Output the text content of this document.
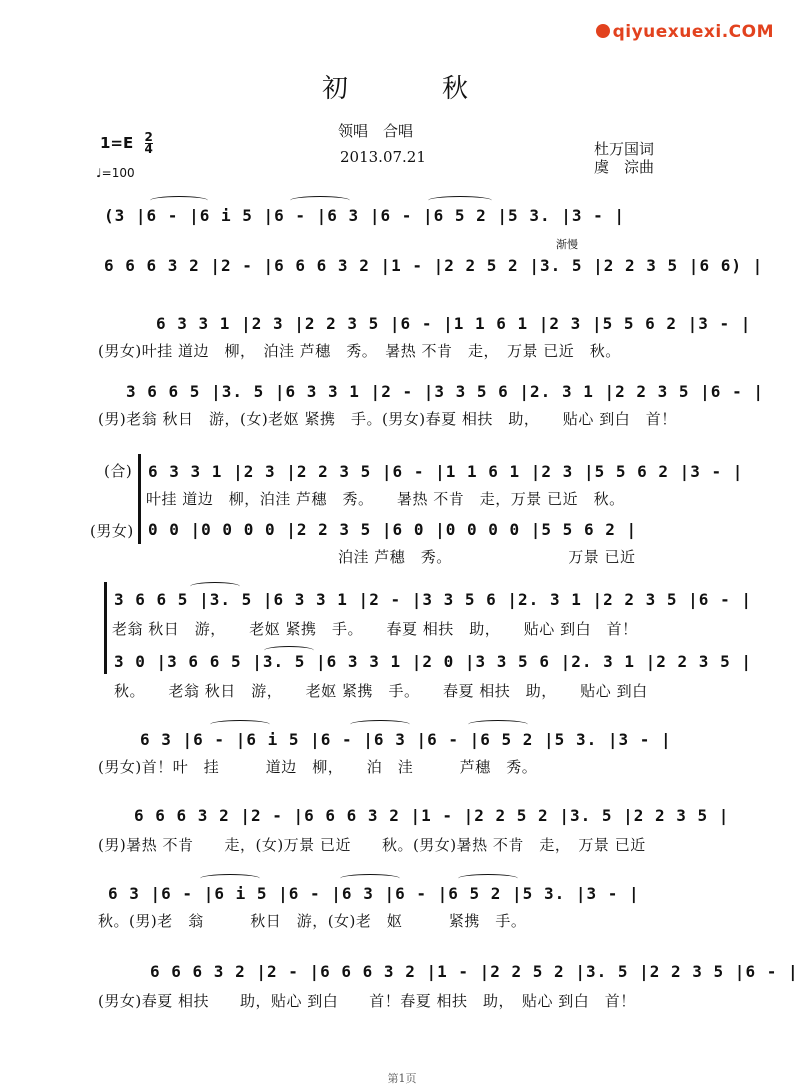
qiyuexuexi.COM
初　　秋
领唱　合唱
2013.07.21
$1=E \frac{2}{4}$
♩=100
杜万国词
虞　淙曲
(3 |6 - |6 i 5 |6 - |6 3 |6 - |6 5 2 |5 3. |3 - |
渐慢
6 6 6 3 2 |2 - |6 6 6 3 2 |1 - |2 2 5 2 |3. 5 |2 2 3 5 |6 6) |
6 3 3 1 |2 3 |2 2 3 5 |6 - |1 1 6 1 |2 3 |5 5 6 2 |3 - |
(男女)叶挂 道边　柳，　泊洼 芦穗　秀。　暑热 不肯　走，　万景 已近　秋。
3 6 6 5 |3. 5 |6 3 3 1 |2 - |3 3 5 6 |2. 3 1 |2 2 3 5 |6 - |
(男)老翁 秋日　游，(女)老妪 紧携　手。(男女)春夏 相扶　助，　　贴心 到白　首！
(合) 6 3 3 1 |2 3 |2 2 3 5 |6 - |1 1 6 1 |2 3 |5 5 6 2 |3 - |
叶挂 道边　柳，泊洼 芦穗　秀。　　暑热 不肯　走，万景 已近　秋。
(男女) 0 0 |0 0 0 0 |2 2 3 5 |6 0 |0 0 0 0 |5 5 6 2 |
泊洼 芦穗　秀。　　　　　　　　万景 已近
3 6 6 5 |3. 5 |6 3 3 1 |2 - |3 3 5 6 |2. 3 1 |2 2 3 5 |6 - |
老翁 秋日　游，　　老妪 紧携　手。　　春夏 相扶　助，　　贴心 到白　首！
3 0 |3 6 6 5 |3. 5 |6 3 3 1 |2 0 |3 3 5 6 |2. 3 1 |2 2 3 5 |
秋。　　老翁 秋日　游，　　老妪 紧携　手。　　春夏 相扶　助，　　贴心 到白
6 3 |6 - |6 i 5 |6 - |6 3 |6 - |6 5 2 |5 3. |3 - |
(男女)首！叶　挂　　　道边　柳，　　泊　洼　　　芦穗　秀。
6 6 6 3 2 |2 - |6 6 6 3 2 |1 - |2 2 5 2 |3. 5 |2 2 3 5 |
(男)暑热 不肯　　走，(女)万景 已近　　秋。(男女)暑热 不肯　走，　万景 已近
6 3 |6 - |6 i 5 |6 - |6 3 |6 - |6 5 2 |5 3. |3 - |
秋。(男)老　翁　　　秋日　游，(女)老　妪　　　紧携　手。
6 6 6 3 2 |2 - |6 6 6 3 2 |1 - |2 2 5 2 |3. 5 |2 2 3 5 |6 - |
(男女)春夏 相扶　　助，贴心 到白　　首！春夏 相扶　助，　贴心 到白　首！
第1页
